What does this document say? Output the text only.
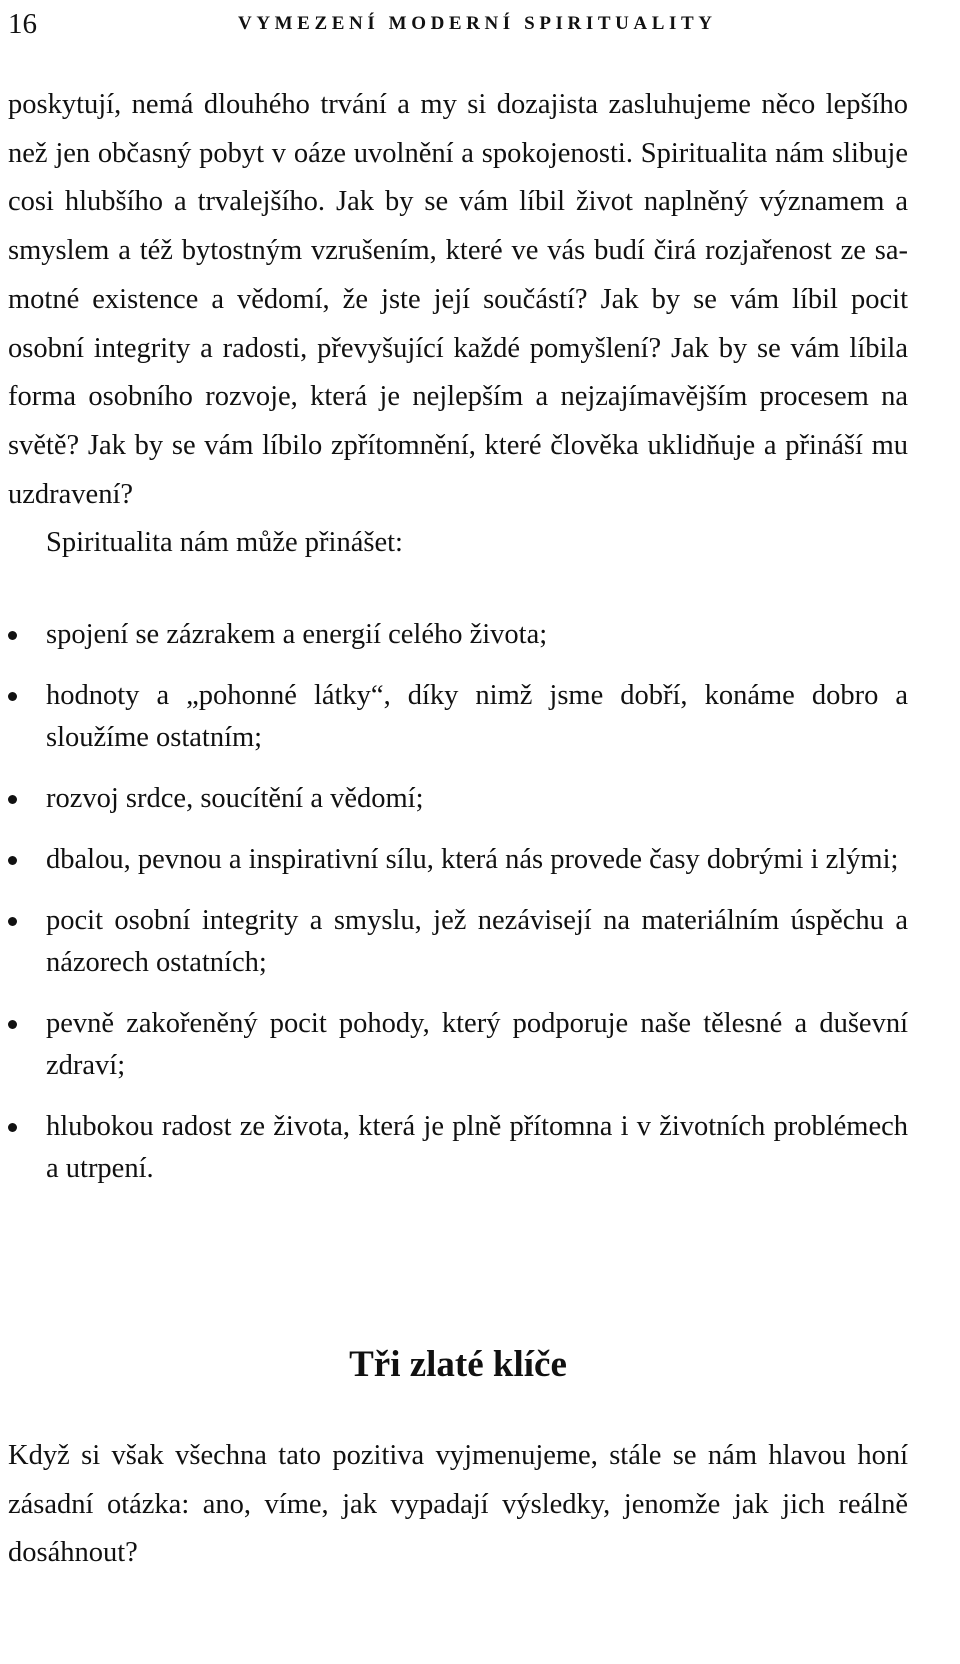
16	VYMEZENÍ MODERNÍ SPIRITUALITY

poskytují, nemá dlouhého trvání a my si dozajista zasluhujeme něco lepšího než jen občasný pobyt v oáze uvolnění a spokojenosti. Spiritualita nám slibuje cosi hlubšího a trvalejšího. Jak by se vám líbil život naplněný významem a smyslem a též bytostným vzrušením, které ve vás budí čirá rozjařenost ze samotné existence a vědomí, že jste její součástí? Jak by se vám líbil pocit osobní integrity a radosti, převyšující každé pomyšlení? Jak by se vám líbila forma osobního rozvoje, která je nejlepším a nejzajímavějším procesem na světě? Jak by se vám líbilo zpřítomnění, které člověka uklidňuje a přináší mu uzdravení?

Spiritualita nám může přinášet:

spojení se zázrakem a energií celého života;
hodnoty a „pohonné látky“, díky nimž jsme dobří, konáme dobro a sloužíme ostatním;
rozvoj srdce, soucítění a vědomí;
dbalou, pevnou a inspirativní sílu, která nás provede časy dobrými i zlými;
pocit osobní integrity a smyslu, jež nezávisejí na materiálním úspěchu a názorech ostatních;
pevně zakořeněný pocit pohody, který podporuje naše tělesné a duševní zdraví;
hlubokou radost ze života, která je plně přítomna i v životních problémech a utrpení.
Tři zlaté klíče

Když si však všechna tato pozitiva vyjmenujeme, stále se nám hlavou honí zásadní otázka: ano, víme, jak vypadají výsledky, jenomže jak jich reálně dosáhnout?
